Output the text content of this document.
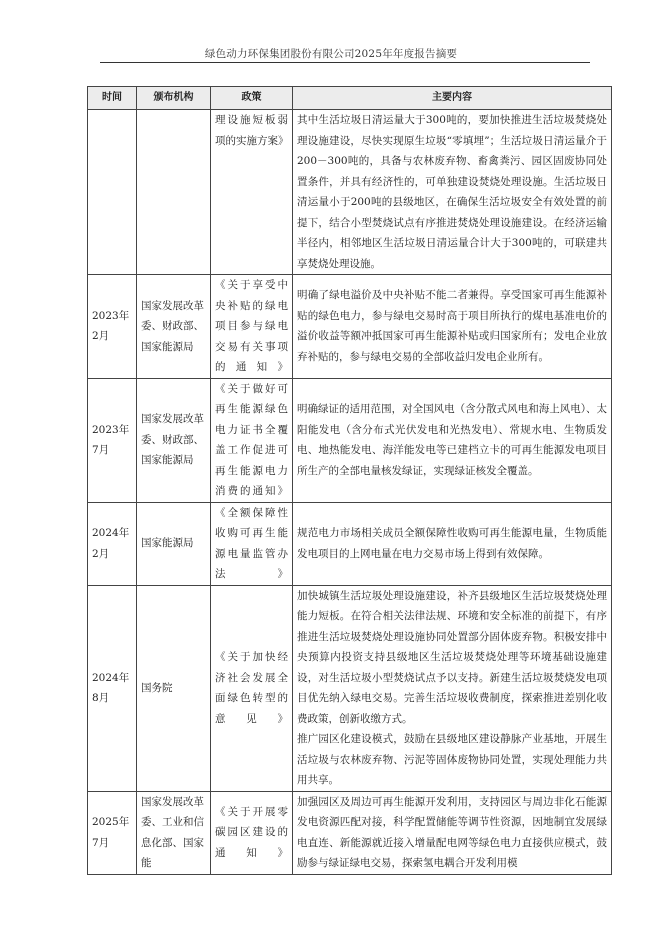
绿色动力环保集团股份有限公司2025年年度报告摘要
时间	颁布机构	政策	主要内容
		理设施短板弱项的实施方案》	其中生活垃圾日清运量大于300吨的，要加快推进生活垃圾焚烧处理设施建设，尽快实现原生垃圾“零填埋”；生活垃圾日清运量介于200－300吨的，具备与农林废弃物、畜禽粪污、园区固废协同处置条件，并具有经济性的，可单独建设焚烧处理设施。生活垃圾日清运量小于200吨的县级地区，在确保生活垃圾安全有效处置的前提下，结合小型焚烧试点有序推进焚烧处理设施建设。在经济运输半径内，相邻地区生活垃圾日清运量合计大于300吨的，可联建共享焚烧处理设施。

2023年2月	国家发展改革委、财政部、国家能源局	《关于享受中央补贴的绿电项目参与绿电交易有关事项的通知》	明确了绿电溢价及中央补贴不能二者兼得。享受国家可再生能源补贴的绿色电力，参与绿电交易时高于项目所执行的煤电基准电价的溢价收益等额冲抵国家可再生能源补贴或归国家所有；发电企业放弃补贴的，参与绿电交易的全部收益归发电企业所有。

2023年7月	国家发展改革委、财政部、国家能源局	《关于做好可再生能源绿色电力证书全覆盖工作促进可再生能源电力消费的通知》	明确绿证的适用范围，对全国风电（含分散式风电和海上风电）、太阳能发电（含分布式光伏发电和光热发电）、常规水电、生物质发电、地热能发电、海洋能发电等已建档立卡的可再生能源发电项目所生产的全部电量核发绿证，实现绿证核发全覆盖。

2024年2月	国家能源局	《全额保障性收购可再生能源电量监管办法》	规范电力市场相关成员全额保障性收购可再生能源电量，生物质能发电项目的上网电量在电力交易市场上得到有效保障。

2024年8月	国务院	《关于加快经济社会发展全面绿色转型的意见》	加快城镇生活垃圾处理设施建设，补齐县级地区生活垃圾焚烧处理能力短板。在符合相关法律法规、环境和安全标准的前提下，有序推进生活垃圾焚烧处理设施协同处置部分固体废弃物。积极安排中央预算内投资支持县级地区生活垃圾焚烧处理等环境基础设施建设，对生活垃圾小型焚烧试点予以支持。新建生活垃圾焚烧发电项目优先纳入绿电交易。完善生活垃圾收费制度，探索推进差别化收费政策，创新收缴方式。

推广园区化建设模式，鼓励在县级地区建设静脉产业基地，开展生活垃圾与农林废弃物、污泥等固体废物协同处置，实现处理能力共用共享。

2025年7月	国家发展改革委、工业和信息化部、国家能	《关于开展零碳园区建设的通知》	加强园区及周边可再生能源开发利用，支持园区与周边非化石能源发电资源匹配对接，科学配置储能等调节性资源，因地制宜发展绿电直连、新能源就近接入增量配电网等绿色电力直接供应模式，鼓励参与绿证绿电交易，探索氢电耦合开发利用模
